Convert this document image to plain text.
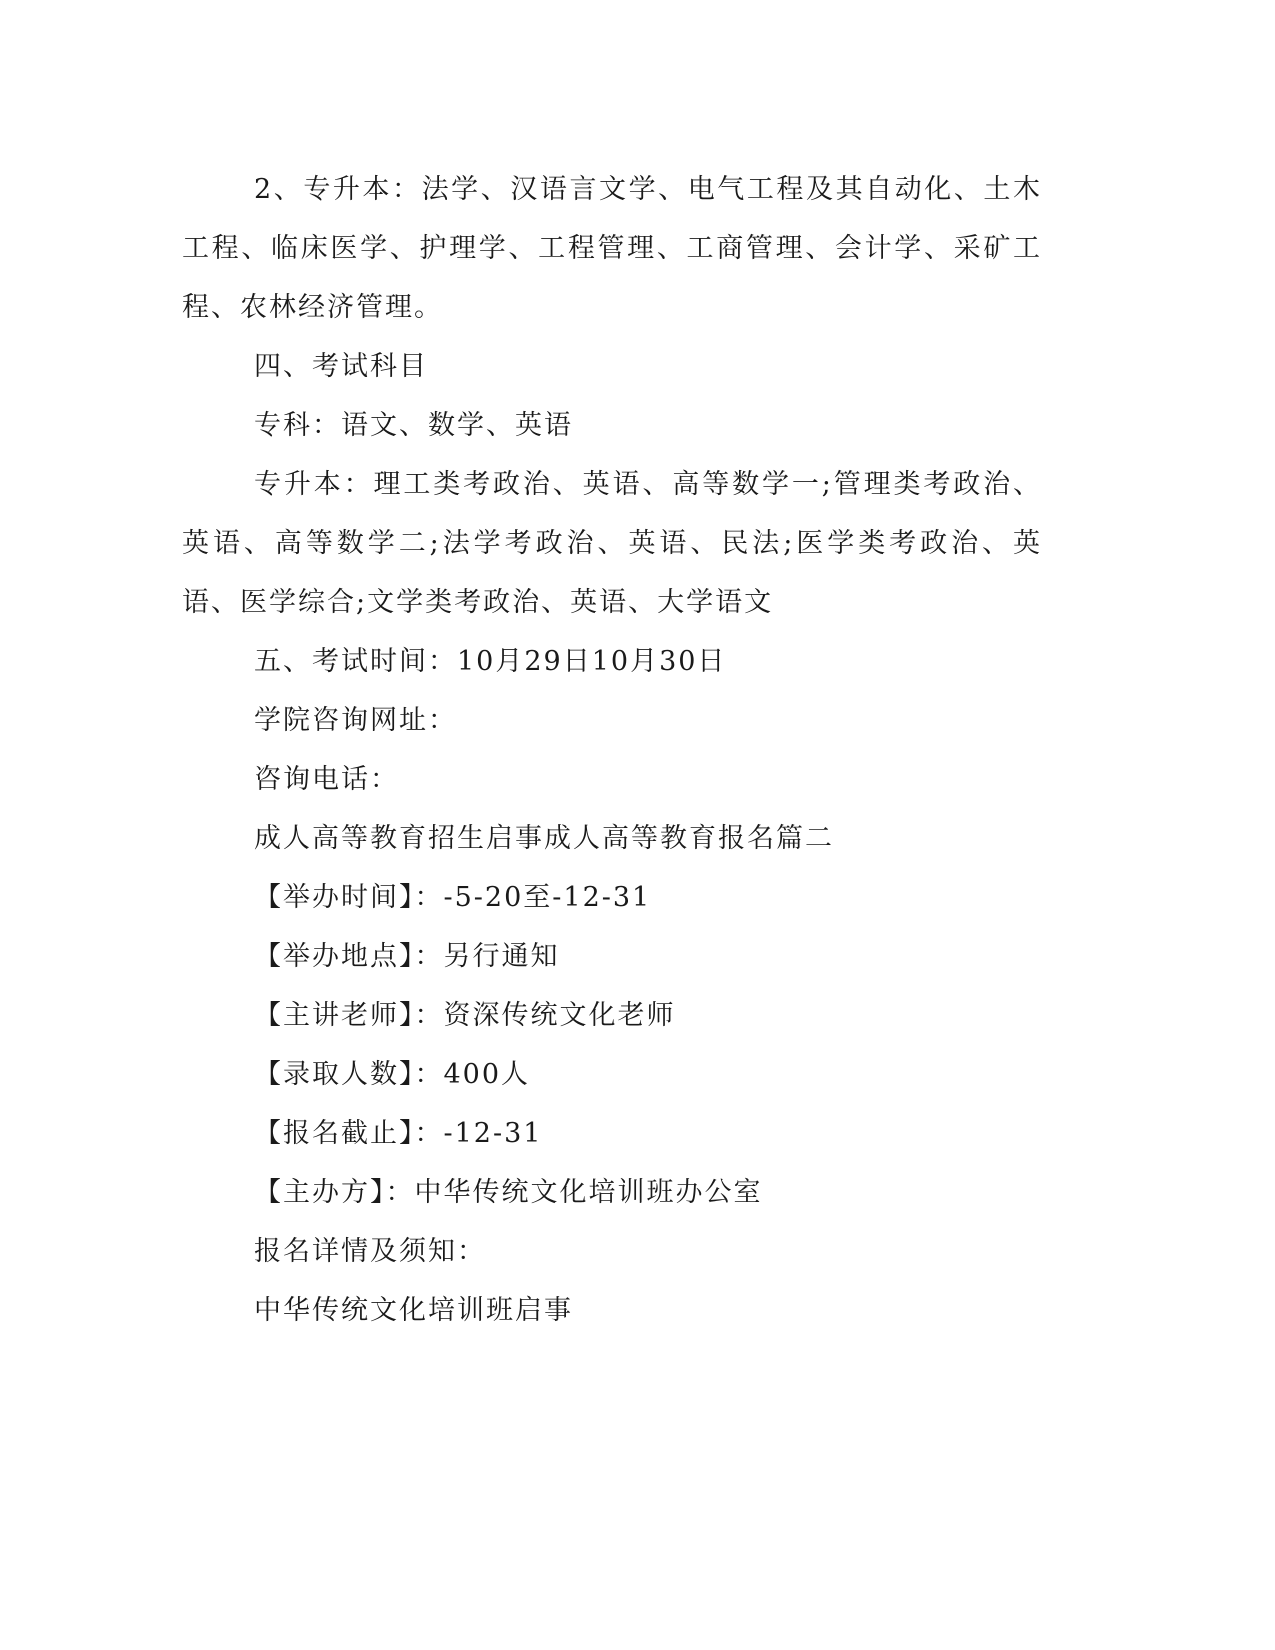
2、专升本：法学、汉语言文学、电气工程及其自动化、土木工程、临床医学、护理学、工程管理、工商管理、会计学、采矿工程、农林经济管理。

四、考试科目

专科：语文、数学、英语

专升本：理工类考政治、英语、高等数学一;管理类考政治、英语、高等数学二;法学考政治、英语、民法;医学类考政治、英语、医学综合;文学类考政治、英语、大学语文

五、考试时间：10月29日10月30日

学院咨询网址：

咨询电话：

成人高等教育招生启事成人高等教育报名篇二

【举办时间】：-5-20至-12-31

【举办地点】：另行通知

【主讲老师】：资深传统文化老师

【录取人数】：400人

【报名截止】：-12-31

【主办方】：中华传统文化培训班办公室

报名详情及须知：

中华传统文化培训班启事
